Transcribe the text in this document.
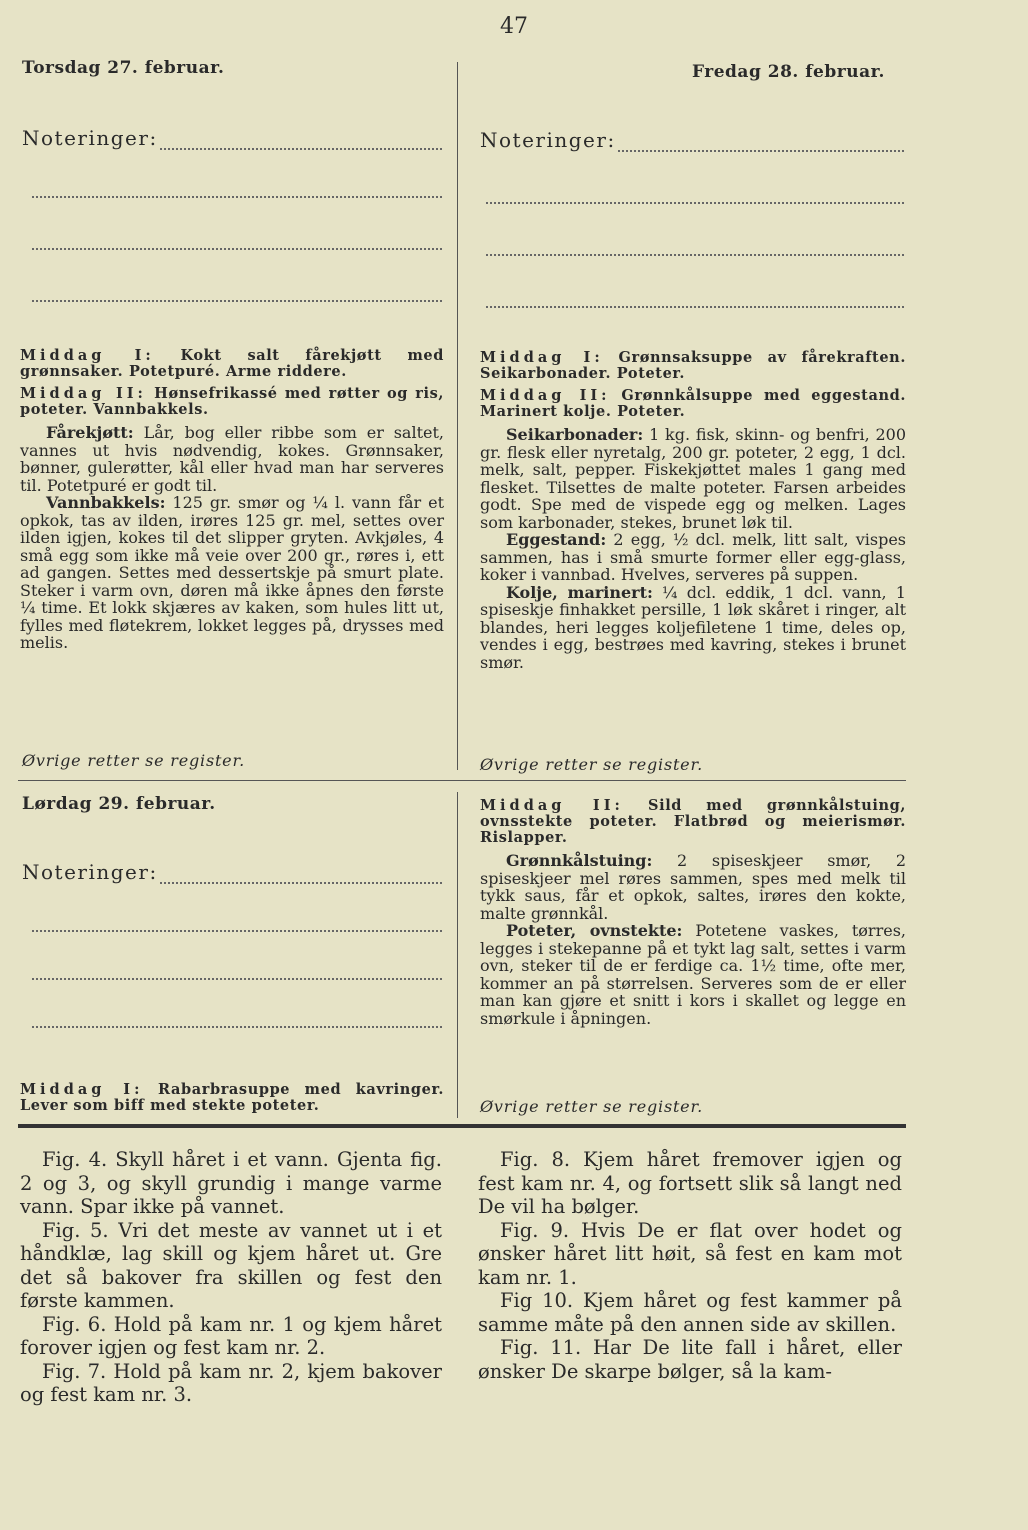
47
Torsdag 27. februar.
Noteringer:

Middag I: Kokt salt fårekjøtt med grønnsaker. Potetpuré. Arme riddere.

Middag II: Hønsefrikassé med røtter og ris, poteter. Vannbakkels.

Fårekjøtt: Lår, bog eller ribbe som er saltet, vannes ut hvis nødvendig, kokes. Grønnsaker, bønner, gulerøtter, kål eller hvad man har serveres til. Potetpuré er godt til.

Vannbakkels: 125 gr. smør og ¼ l. vann får et opkok, tas av ilden, irøres 125 gr. mel, settes over ilden igjen, kokes til det slipper gryten. Avkjøles, 4 små egg som ikke må veie over 200 gr., røres i, ett ad gangen. Settes med dessertskje på smurt plate. Steker i varm ovn, døren må ikke åpnes den første ¼ time. Et lokk skjæres av kaken, som hules litt ut, fylles med fløtekrem, lokket legges på, drysses med melis.

Øvrige retter se register.
Fredag 28. februar.
Noteringer:

Middag I: Grønnsaksuppe av fårekraften. Seikarbonader. Poteter.

Middag II: Grønnkålsuppe med eggestand. Marinert kolje. Poteter.

Seikarbonader: 1 kg. fisk, skinn- og benfri, 200 gr. flesk eller nyretalg, 200 gr. poteter, 2 egg, 1 dcl. melk, salt, pepper. Fiskekjøttet males 1 gang med flesket. Tilsettes de malte poteter. Farsen arbeides godt. Spe med de vispede egg og melken. Lages som karbonader, stekes, brunet løk til.

Eggestand: 2 egg, ½ dcl. melk, litt salt, vispes sammen, has i små smurte former eller egg-glass, koker i vannbad. Hvelves, serveres på suppen.

Kolje, marinert: ¼ dcl. eddik, 1 dcl. vann, 1 spiseskje finhakket persille, 1 løk skåret i ringer, alt blandes, heri legges koljefiletene 1 time, deles op, vendes i egg, bestrøes med kavring, stekes i brunet smør.

Øvrige retter se register.
Lørdag 29. februar.
Noteringer:

Middag I: Rabarbrasuppe med kavringer. Lever som biff med stekte poteter.

Middag II: Sild med grønnkålstuing, ovnsstekte poteter. Flatbrød og meierismør. Rislapper.

Grønnkålstuing: 2 spiseskjeer smør, 2 spiseskjeer mel røres sammen, spes med melk til tykk saus, får et opkok, saltes, irøres den kokte, malte grønnkål.

Poteter, ovnstekte: Potetene vaskes, tørres, legges i stekepanne på et tykt lag salt, settes i varm ovn, steker til de er ferdige ca. 1½ time, ofte mer, kommer an på størrelsen. Serveres som de er eller man kan gjøre et snitt i kors i skallet og legge en smørkule i åpningen.

Øvrige retter se register.

Fig. 4. Skyll håret i et vann. Gjenta fig. 2 og 3, og skyll grundig i mange varme vann. Spar ikke på vannet.

Fig. 5. Vri det meste av vannet ut i et håndklæ, lag skill og kjem håret ut. Gre det så bakover fra skillen og fest den første kammen.

Fig. 6. Hold på kam nr. 1 og kjem håret forover igjen og fest kam nr. 2.

Fig. 7. Hold på kam nr. 2, kjem bakover og fest kam nr. 3.

Fig. 8. Kjem håret fremover igjen og fest kam nr. 4, og fortsett slik så langt ned De vil ha bølger.

Fig. 9. Hvis De er flat over hodet og ønsker håret litt høit, så fest en kam mot kam nr. 1.

Fig 10. Kjem håret og fest kammer på samme måte på den annen side av skillen.

Fig. 11. Har De lite fall i håret, eller ønsker De skarpe bølger, så la kam-
